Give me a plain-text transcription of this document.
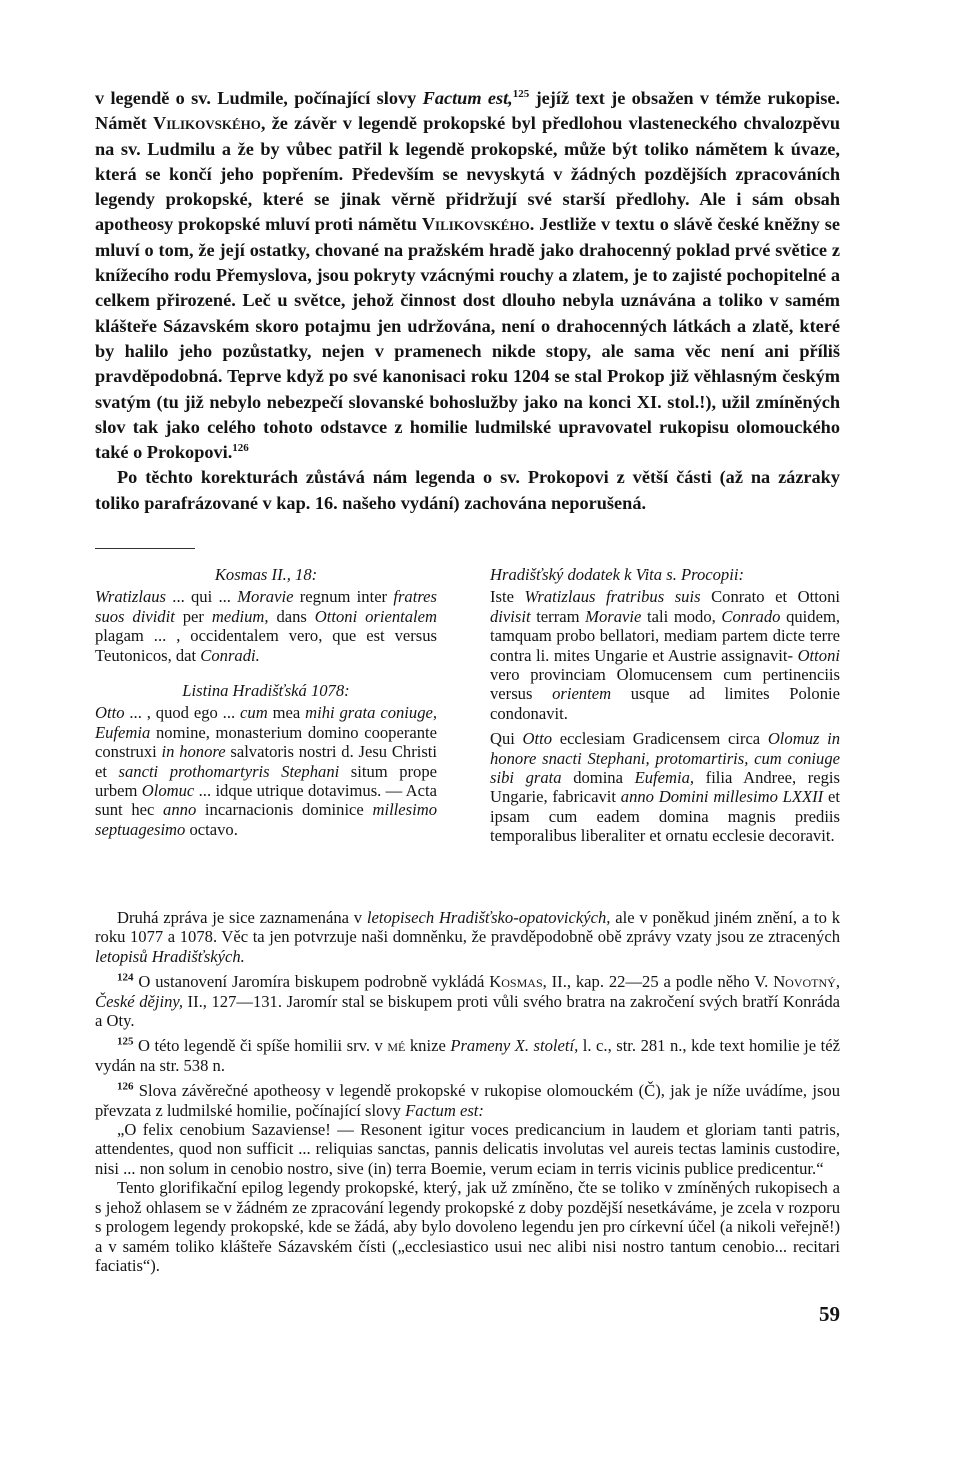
v legendě o sv. Ludmile, počínající slovy Factum est,$^{125}$ jejíž text je obsažen v témže rukopise. Námět Vilikovského, že závěr v legendě prokopské byl předlohou vlasteneckého chvalozpěvu na sv. Ludmilu a že by vůbec patřil k legendě prokopské, může být toliko námětem k úvaze, která se končí jeho popřením. Především se nevyskytá v žádných pozdějších zpracováních legendy prokopské, které se jinak věrně přidržují své starší předlohy. Ale i sám obsah apotheosy prokopské mluví proti námětu Vilikovského. Jestliže v textu o slávě české kněžny se mluví o tom, že její ostatky, chované na pražském hradě jako drahocenný poklad prvé světice z knížecího rodu Přemyslova, jsou pokryty vzácnými rouchy a zlatem, je to zajisté pochopitelné a celkem přirozené. Leč u světce, jehož činnost dost dlouho nebyla uznávána a toliko v samém klášteře Sázavském skoro potajmu jen udržována, není o drahocenných látkách a zlatě, které by halilo jeho pozůstatky, nejen v pramenech nikde stopy, ale sama věc není ani příliš pravděpodobná. Teprve když po své kanonisaci roku 1204 se stal Prokop již věhlasným českým svatým (tu již nebylo nebezpečí slovanské bohoslužby jako na konci XI. stol.!), užil zmíněných slov tak jako celého tohoto odstavce z homilie ludmilské upravovatel rukopisu olomouckého také o Prokopovi.$^{126}$

Po těchto korekturách zůstává nám legenda o sv. Prokopovi z větší části (až na zázraky toliko parafrázované v kap. 16. našeho vydání) zachována neporušená.

Kosmas II., 18:

Wratizlaus ... qui ... Moravie regnum inter fratres suos dividit per medium, dans Ottoni orientalem plagam ... , occidentalem vero, que est versus Teutonicos, dat Conradi.

Listina Hradišťská 1078:

Otto ... , quod ego ... cum mea mihi grata coniuge, Eufemia nomine, monasterium domino cooperante construxi in honore salvatoris nostri d. Jesu Christi et sancti prothomartyris Stephani situm prope urbem Olomuc ... idque utrique dotavimus. — Acta sunt hec anno incarnacionis dominice millesimo septuagesimo octavo.

Hradišťský dodatek k Vita s. Procopii:

Iste Wratizlaus fratribus suis Conrato et Ottoni divisit terram Moravie tali modo, Conrado quidem, tamquam probo bellatori, mediam partem dicte terre contra li. mites Ungarie et Austrie assignavit- Ottoni vero provinciam Olomucensem cum pertinenciis versus orientem usque ad limites Polonie condonavit.

Qui Otto ecclesiam Gradicensem circa Olomuz in honore snacti Stephani, protomartiris, cum coniuge sibi grata domina Eufemia, filia Andree, regis Ungarie, fabricavit anno Domini millesimo LXXII et ipsam cum eadem domina magnis prediis temporalibus liberaliter et ornatu ecclesie decoravit.

Druhá zpráva je sice zaznamenána v letopisech Hradišťsko-opatovických, ale v poněkud jiném znění, a to k roku 1077 a 1078. Věc ta jen potvrzuje naši domněnku, že pravděpodobně obě zprávy vzaty jsou ze ztracených letopisů Hradišťských.

$^{124}$ O ustanovení Jaromíra biskupem podrobně vykládá Kosmas, II., kap. 22—25 a podle něho V. Novotný, České dějiny, II., 127—131. Jaromír stal se biskupem proti vůli svého bratra na zakročení svých bratří Konráda a Oty.

$^{125}$ O této legendě či spíše homilii srv. v mé knize Prameny X. století, l. c., str. 281 n., kde text homilie je též vydán na str. 538 n.

$^{126}$ Slova závěrečné apotheosy v legendě prokopské v rukopise olomouckém (Č), jak je níže uvádíme, jsou převzata z ludmilské homilie, počínající slovy Factum est:

„O felix cenobium Sazaviense! — Resonent igitur voces predicancium in laudem et gloriam tanti patris, attendentes, quod non sufficit ... reliquias sanctas, pannis delicatis involutas vel aureis tectas laminis custodire, nisi ... non solum in cenobio nostro, sive (in) terra Boemie, verum eciam in terris vicinis publice predicentur.“

Tento glorifikační epilog legendy prokopské, který, jak už zmíněno, čte se toliko v zmíněných rukopisech a s jehož ohlasem se v žádném ze zpracování legendy prokopské z doby pozdější nesetkáváme, je zcela v rozporu s prologem legendy prokopské, kde se žádá, aby bylo dovoleno legendu jen pro církevní účel (a nikoli veřejně!) a v samém toliko klášteře Sázavském čísti („ecclesiastico usui nec alibi nisi nostro tantum cenobio... recitari faciatis“).

59
